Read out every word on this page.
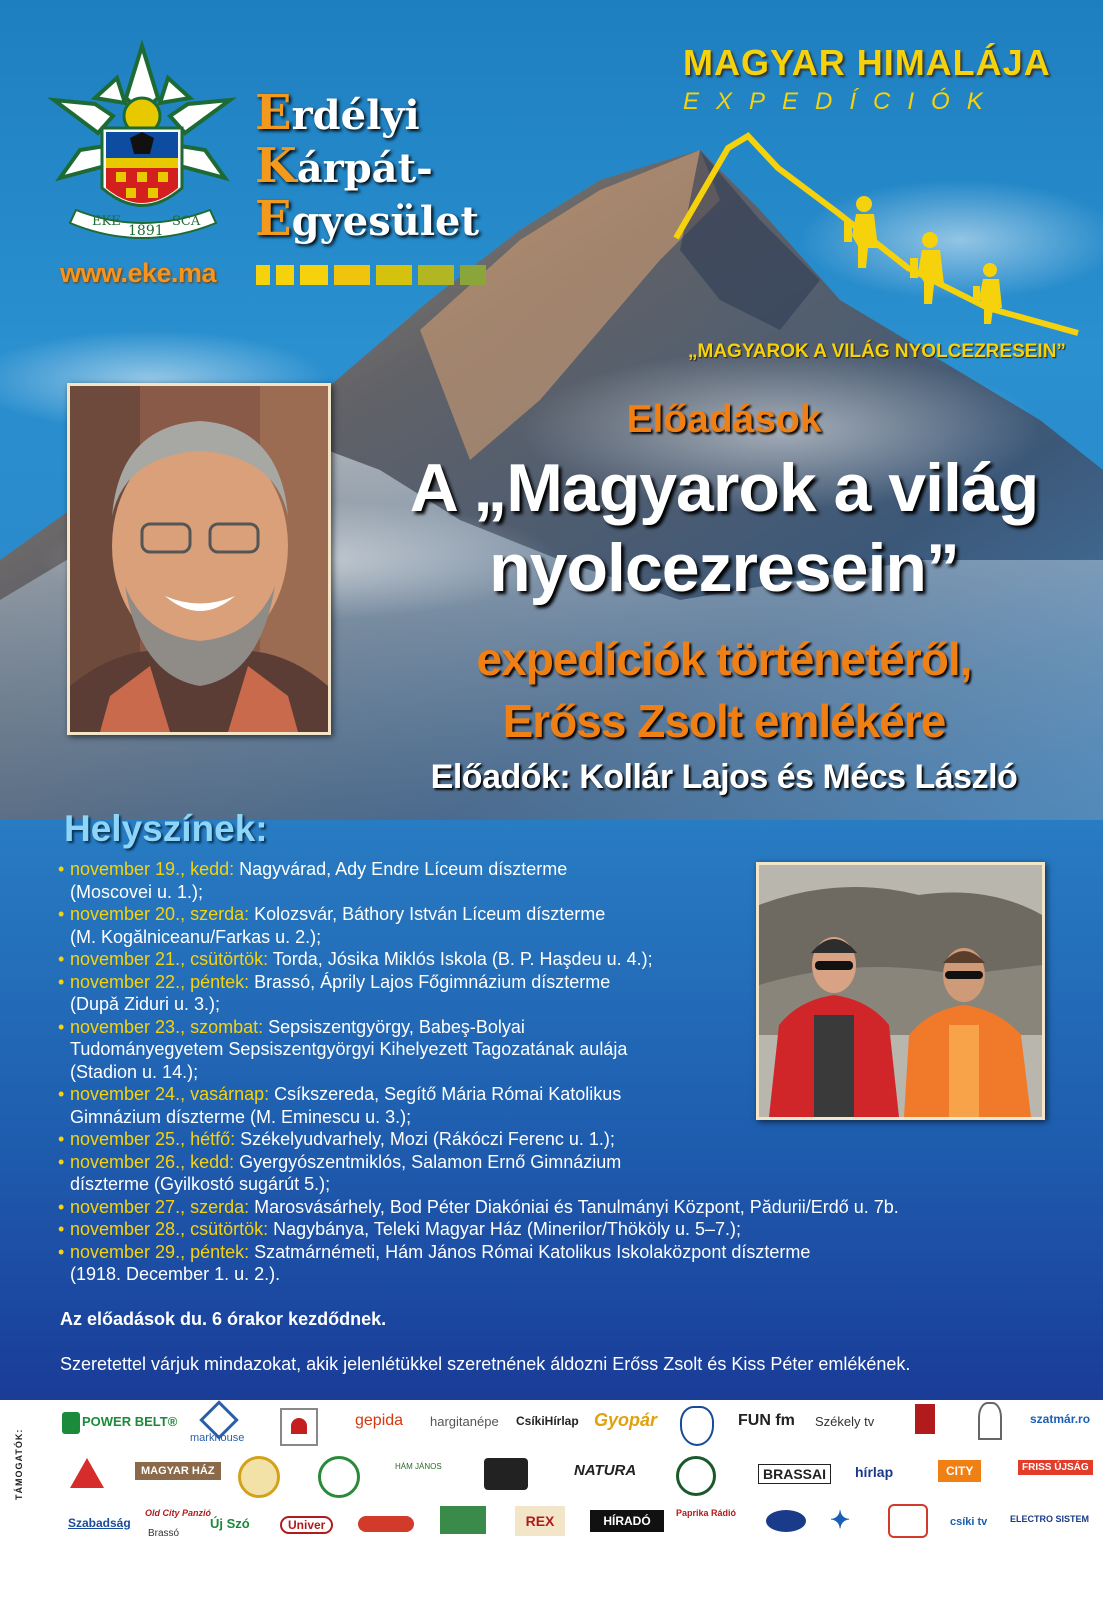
EKE
1891
SCA
Erdélyi
Kárpát-
Egyesület
www.eke.ma
MAGYAR HIMALÁJA
EXPEDÍCIÓK
„MAGYAROK A VILÁG NYOLCEZRESEIN”
Előadások
A „Magyarok a világ
nyolcezresein”
expedíciók történetéről,
Erőss Zsolt emlékére
Előadók: Kollár Lajos és Mécs László
Helyszínek:
• november 19., kedd: Nagyvárad, Ady Endre Líceum díszterme
(Moscovei u. 1.);
• november 20., szerda: Kolozsvár, Báthory István Líceum díszterme
(M. Kogălniceanu/Farkas u. 2.);
• november 21., csütörtök: Torda, Jósika Miklós Iskola (B. P. Haşdeu u. 4.);
• november 22., péntek: Brassó, Áprily Lajos Főgimnázium díszterme
(Dupǎ Ziduri u. 3.);
• november 23., szombat: Sepsiszentgyörgy, Babeş-Bolyai
Tudományegyetem Sepsiszentgyörgyi Kihelyezett Tagozatának aulája
(Stadion u. 14.);
• november 24., vasárnap: Csíkszereda, Segítő Mária Római Katolikus
Gimnázium díszterme (M. Eminescu u. 3.);
• november 25., hétfő: Székelyudvarhely, Mozi (Rákóczi Ferenc u. 1.);
• november 26., kedd: Gyergyószentmiklós, Salamon Ernő Gimnázium
díszterme (Gyilkostó sugárút 5.);
• november 27., szerda: Marosvásárhely, Bod Péter Diakóniai és Tanulmányi Központ, Pădurii/Erdő u. 7b.
• november 28., csütörtök: Nagybánya, Teleki Magyar Ház (Minerilor/Thököly u. 5–7.);
• november 29., péntek: Szatmárnémeti, Hám János Római Katolikus Iskolaközpont díszterme
(1918. December 1. u. 2.).
Az előadások du. 6 órakor kezdődnek.
Szeretettel várjuk mindazokat, akik jelenlétükkel szeretnének áldozni Erőss Zsolt és Kiss Péter emlékének.
POWER BELT®
markhouse
gepida hargitanépe CsíkiHírlap Gyopár	FUN fm Székely tv	szatmár.ro
MAGYAR HÁZ	HÁM JÁNOS	NATURA	BRASSAI	hírlap	CITY	FRISS ÚJSÁG
Szabadság
Old City Panzió
Brassó
Új Szó	Univer	REX	HÍRADÓ
Paprika Rádió	✦	csíki tv	ELECTRO SISTEM
TÁMOGATÓK:
